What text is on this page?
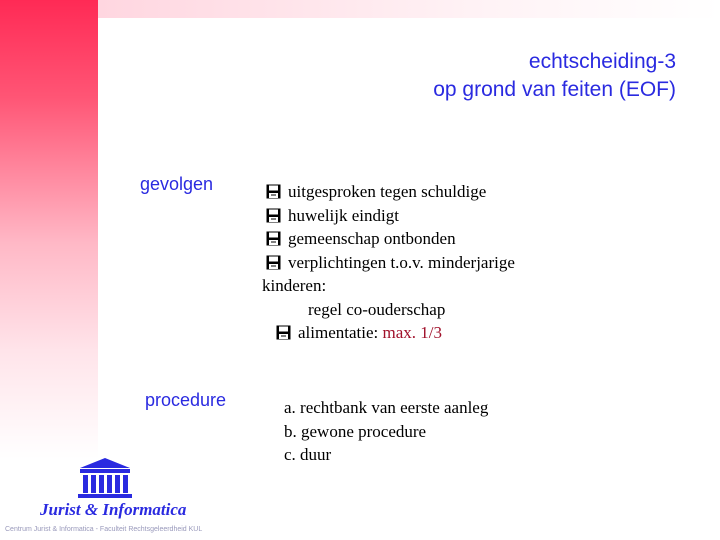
echtscheiding-3
op grond van feiten (EOF)
gevolgen
procedure
uitgesproken tegen schuldige
huwelijk eindigt
gemeenschap ontbonden
verplichtingen t.o.v. minderjarige
kinderen:
regel co-ouderschap
alimentatie: max. 1/3
a. rechtbank van eerste aanleg
b. gewone procedure
c. duur
Jurist & Informatica
Centrum Jurist & Informatica - Faculteit Rechtsgeleerdheid KUL
